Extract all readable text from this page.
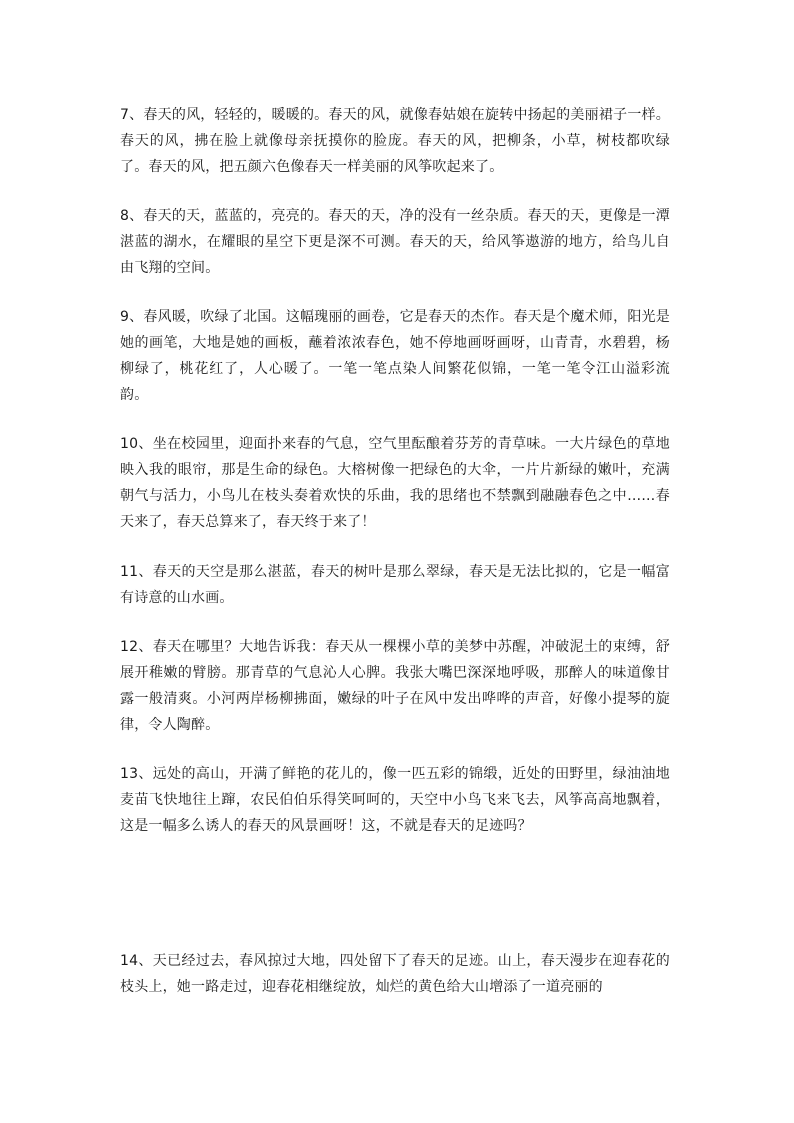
7、春天的风，轻轻的，暖暖的。春天的风，就像春姑娘在旋转中扬起的美丽裙子一样。春天的风，拂在脸上就像母亲抚摸你的脸庞。春天的风，把柳条，小草，树枝都吹绿了。春天的风，把五颜六色像春天一样美丽的风筝吹起来了。

8、春天的天，蓝蓝的，亮亮的。春天的天，净的没有一丝杂质。春天的天，更像是一潭湛蓝的湖水，在耀眼的星空下更是深不可测。春天的天，给风筝遨游的地方，给鸟儿自由飞翔的空间。

9、春风暖，吹绿了北国。这幅瑰丽的画卷，它是春天的杰作。春天是个魔术师，阳光是她的画笔，大地是她的画板，蘸着浓浓春色，她不停地画呀画呀，山青青，水碧碧，杨柳绿了，桃花红了，人心暖了。一笔一笔点染人间繁花似锦，一笔一笔令江山溢彩流韵。

10、坐在校园里，迎面扑来春的气息，空气里酝酿着芬芳的青草味。一大片绿色的草地映入我的眼帘，那是生命的绿色。大榕树像一把绿色的大伞，一片片新绿的嫩叶，充满朝气与活力，小鸟儿在枝头奏着欢快的乐曲，我的思绪也不禁飘到融融春色之中……春天来了，春天总算来了，春天终于来了！

11、春天的天空是那么湛蓝，春天的树叶是那么翠绿，春天是无法比拟的，它是一幅富有诗意的山水画。

12、春天在哪里？大地告诉我：春天从一棵棵小草的美梦中苏醒，冲破泥土的束缚，舒展开稚嫩的臂膀。那青草的气息沁人心脾。我张大嘴巴深深地呼吸，那醉人的味道像甘露一般清爽。小河两岸杨柳拂面，嫩绿的叶子在风中发出哗哗的声音，好像小提琴的旋律，令人陶醉。

13、远处的高山，开满了鲜艳的花儿的，像一匹五彩的锦缎，近处的田野里，绿油油地麦苗飞快地往上蹿，农民伯伯乐得笑呵呵的，天空中小鸟飞来飞去，风筝高高地飘着，这是一幅多么诱人的春天的风景画呀！这，不就是春天的足迹吗？

14、天已经过去，春风掠过大地，四处留下了春天的足迹。山上，春天漫步在迎春花的枝头上，她一路走过，迎春花相继绽放，灿烂的黄色给大山增添了一道亮丽的
